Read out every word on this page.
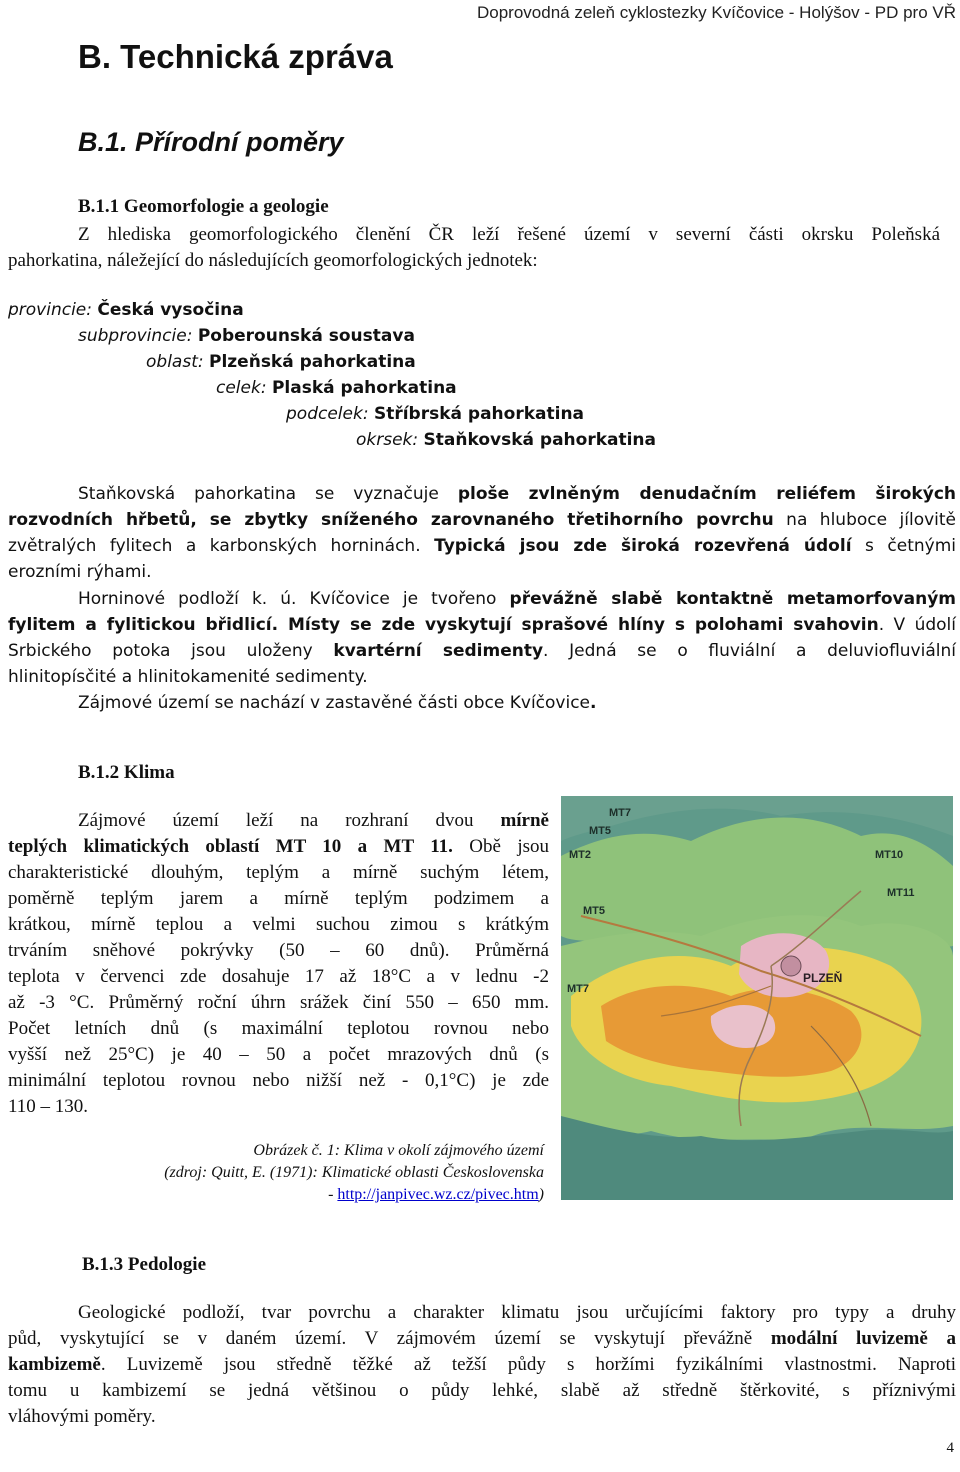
Doprovodná zeleň cyklostezky Kvíčovice - Holýšov - PD pro VŘ
B. Technická zpráva
B.1. Přírodní poměry
B.1.1 Geomorfologie a geologie
Z hlediska geomorfologického členění ČR leží řešené území v severní části okrsku Poleňská
pahorkatina, náležející do následujících geomorfologických jednotek:
provincie: Česká vysočina
subprovincie: Poberounská soustava
oblast: Plzeňská pahorkatina
celek: Plaská pahorkatina
podcelek: Stříbrská pahorkatina
okrsek: Staňkovská pahorkatina
Staňkovská pahorkatina se vyznačuje ploše zvlněným denudačním reliéfem širokých
rozvodních hřbetů, se zbytky sníženého zarovnaného třetihorního povrchu na hluboce jílovitě
zvětralých fylitech a karbonských horninách. Typická jsou zde široká rozevřená údolí s četnými
erozními rýhami.
Horninové podloží k. ú. Kvíčovice je tvořeno převážně slabě kontaktně metamorfovaným
fylitem a fylitickou břidlicí. Místy se zde vyskytují sprašové hlíny s polohami svahovin. V údolí
Srbického potoka jsou uloženy kvartérní sedimenty. Jedná se o fluviální a deluviofluviální
hlinitopísčité a hlinitokamenité sedimenty.
Zájmové území se nachází v zastavěné části obce Kvíčovice.
B.1.2 Klima
Zájmové území leží na rozhraní dvou mírně
teplých klimatických oblastí MT 10 a MT 11. Obě jsou
charakteristické dlouhým, teplým a mírně suchým létem,
poměrně teplým jarem a mírně teplým podzimem a
krátkou, mírně teplou a velmi suchou zimou s krátkým
trváním sněhové pokrývky (50 – 60 dnů). Průměrná
teplota v červenci zde dosahuje 17 až 18°C a v lednu -2
až -3 °C. Průměrný roční úhrn srážek činí 550 – 650 mm.
Počet letních dnů (s maximální teplotou rovnou nebo
vyšší než 25°C) je 40 – 50 a počet mrazových dnů (s
minimální teplotou rovnou nebo nižší než - 0,1°C) je zde
110 – 130.
MT7
MT5
MT2	MT10
MT11
PLZEŇ
MT5
MT7
Obrázek č. 1: Klima v okolí zájmového území
(zdroj: Quitt, E. (1971): Klimatické oblasti Československa
- http://janpivec.wz.cz/pivec.htm)
B.1.3 Pedologie
Geologické podloží, tvar povrchu a charakter klimatu jsou určujícími faktory pro typy a druhy
půd, vyskytující se v daném území. V zájmovém území se vyskytují převážně modální luvizemě a
kambizemě. Luvizemě jsou středně těžké až težší půdy s horžími fyzikálními vlastnostmi. Naproti
tomu u kambizemí se jedná většinou o půdy lehké, slabě až středně štěrkovité, s příznivými
vláhovými poměry.
4
